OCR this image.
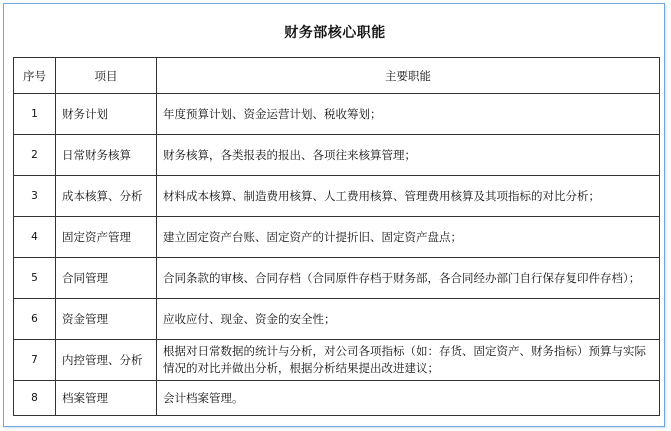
财务部核心职能
序号	项目	主要职能
1	财务计划	年度预算计划、资金运营计划、税收筹划；
2	日常财务核算	财务核算，各类报表的报出、各项往来核算管理；
3	成本核算、分析	材料成本核算、制造费用核算、人工费用核算、管理费用核算及其项指标的对比分析；
4	固定资产管理	建立固定资产台账、固定资产的计提折旧、固定资产盘点；
5	合同管理	合同条款的审核、合同存档（合同原件存档于财务部，各合同经办部门自行保存复印件存档）；
6	资金管理	应收应付、现金、资金的安全性；
7	内控管理、分析	根据对日常数据的统计与分析，对公司各项指标（如：存货、固定资产、财务指标）预算与实际情况的对比并做出分析，根据分析结果提出改进建议；
8	档案管理	会计档案管理。
